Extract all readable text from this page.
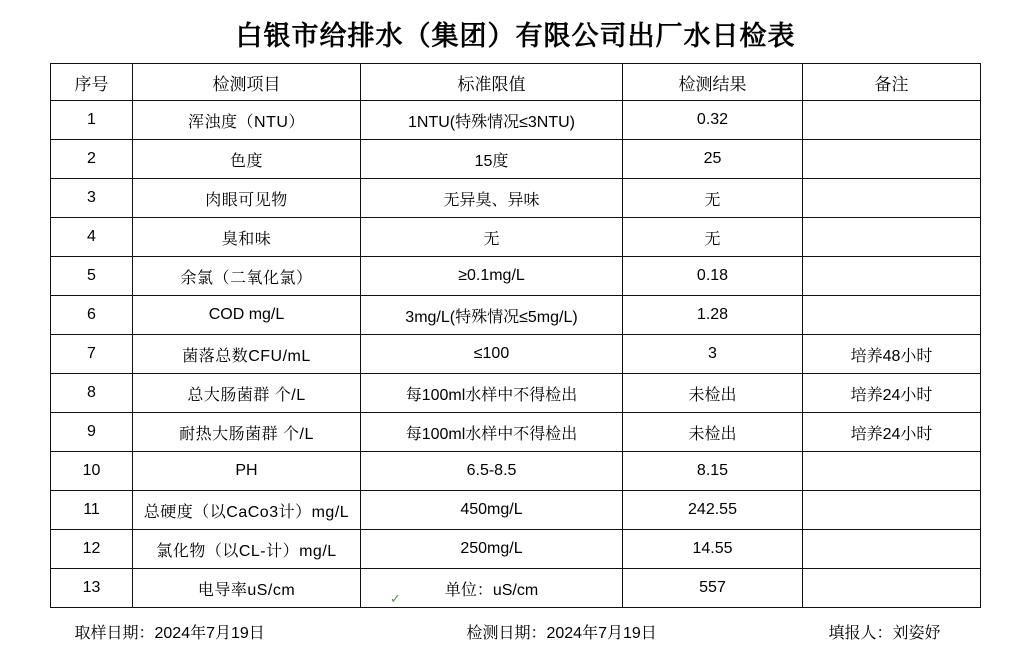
白银市给排水（集团）有限公司出厂水日检表
序号	检测项目	标准限值	检测结果	备注
1	浑浊度（NTU）	1NTU(特殊情况≤3NTU)	0.32	
2	色度	15度	25	
3	肉眼可见物	无异臭、异味	无	
4	臭和味	无	无	
5	余氯（二氧化氯）	≥0.1mg/L	0.18	
6	COD mg/L	3mg/L(特殊情况≤5mg/L)	1.28	
7	菌落总数CFU/mL	≤100	3	培养48小时
8	总大肠菌群 个/L	每100ml水样中不得检出	未检出	培养24小时
9	耐热大肠菌群 个/L	每100ml水样中不得检出	未检出	培养24小时
10	PH	6.5-8.5	8.15	
11	总硬度（以CaCo3计）mg/L	450mg/L	242.55	
12	氯化物（以CL-计）mg/L	250mg/L	14.55	
13	电导率uS/cm	单位：uS/cm	557	
✓
取样日期：2024年7月19日	检测日期：2024年7月19日	填报人：刘姿妤
